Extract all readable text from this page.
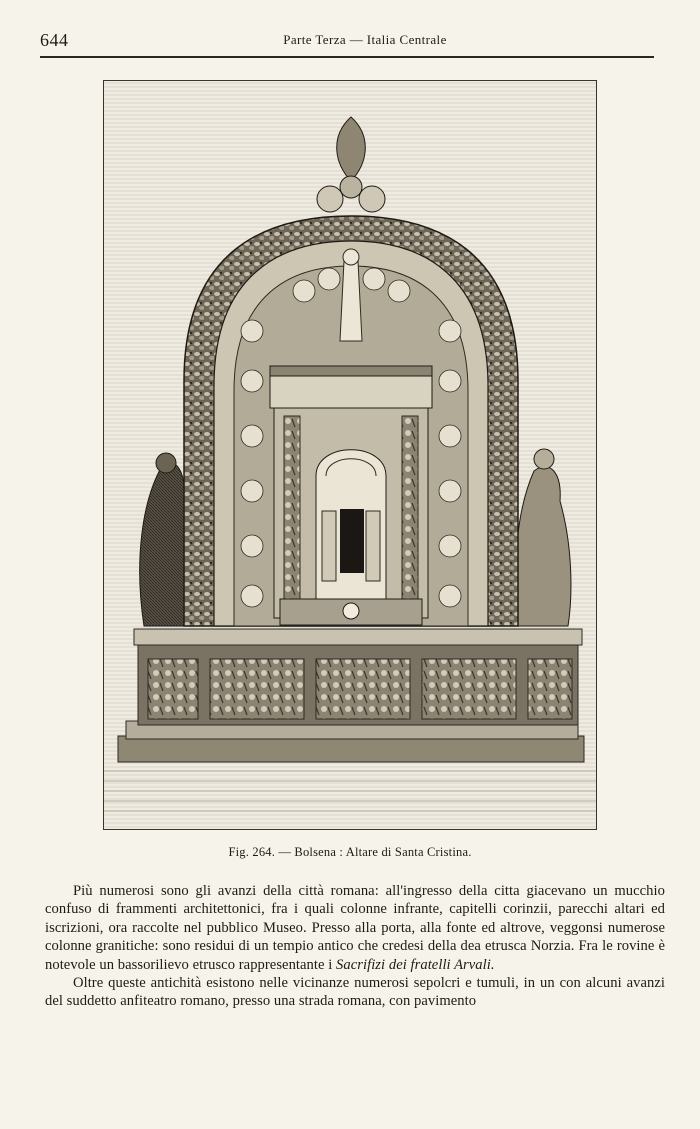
644	Parte Terza — Italia Centrale
Fig. 264. — Bolsena : Altare di Santa Cristina.

Più numerosi sono gli avanzi della città romana: all'ingresso della citta giacevano un mucchio confuso di frammenti architettonici, fra i quali colonne infrante, capitelli corinzii, parecchi altari ed iscrizioni, ora raccolte nel pubblico Museo. Presso alla porta, alla fonte ed altrove, veggonsi numerose colonne granitiche: sono residui di un tempio antico che credesi della dea etrusca Norzia. Fra le rovine è notevole un bassorilievo etrusco rappresentante i Sacrifizi dei fratelli Arvali.

Oltre queste antichità esistono nelle vicinanze numerosi sepolcri e tumuli, in un con alcuni avanzi del suddetto anfiteatro romano, presso una strada romana, con pavimento
